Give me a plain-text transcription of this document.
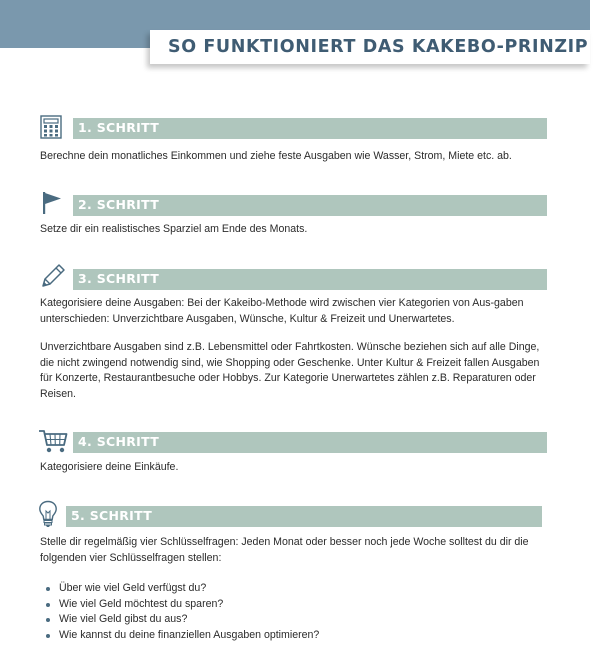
SO FUNKTIONIERT DAS KAKEBO-PRINZIP
1. SCHRITT
Berechne dein monatliches Einkommen und ziehe feste Ausgaben wie Wasser, Strom, Miete etc. ab.
2. SCHRITT
Setze dir ein realistisches Sparziel am Ende des Monats.
3. SCHRITT
Kategorisiere deine Ausgaben: Bei der Kakeibo-Methode wird zwischen vier Kategorien von Aus-gaben unterschieden: Unverzichtbare Ausgaben, Wünsche, Kultur & Freizeit und Unerwartetes.
Unverzichtbare Ausgaben sind z.B. Lebensmittel oder Fahrtkosten. Wünsche beziehen sich auf alle Dinge, die nicht zwingend notwendig sind, wie Shopping oder Geschenke. Unter Kultur & Freizeit fallen Ausgaben für Konzerte, Restaurantbesuche oder Hobbys. Zur Kategorie Unerwartetes zählen z.B. Reparaturen oder Reisen.
4. SCHRITT
Kategorisiere deine Einkäufe.
5. SCHRITT
Stelle dir regelmäßig vier Schlüsselfragen: Jeden Monat oder besser noch jede Woche solltest du dir die folgenden vier Schlüsselfragen stellen:
Über wie viel Geld verfügst du?
Wie viel Geld möchtest du sparen?
Wie viel Geld gibst du aus?
Wie kannst du deine finanziellen Ausgaben optimieren?
